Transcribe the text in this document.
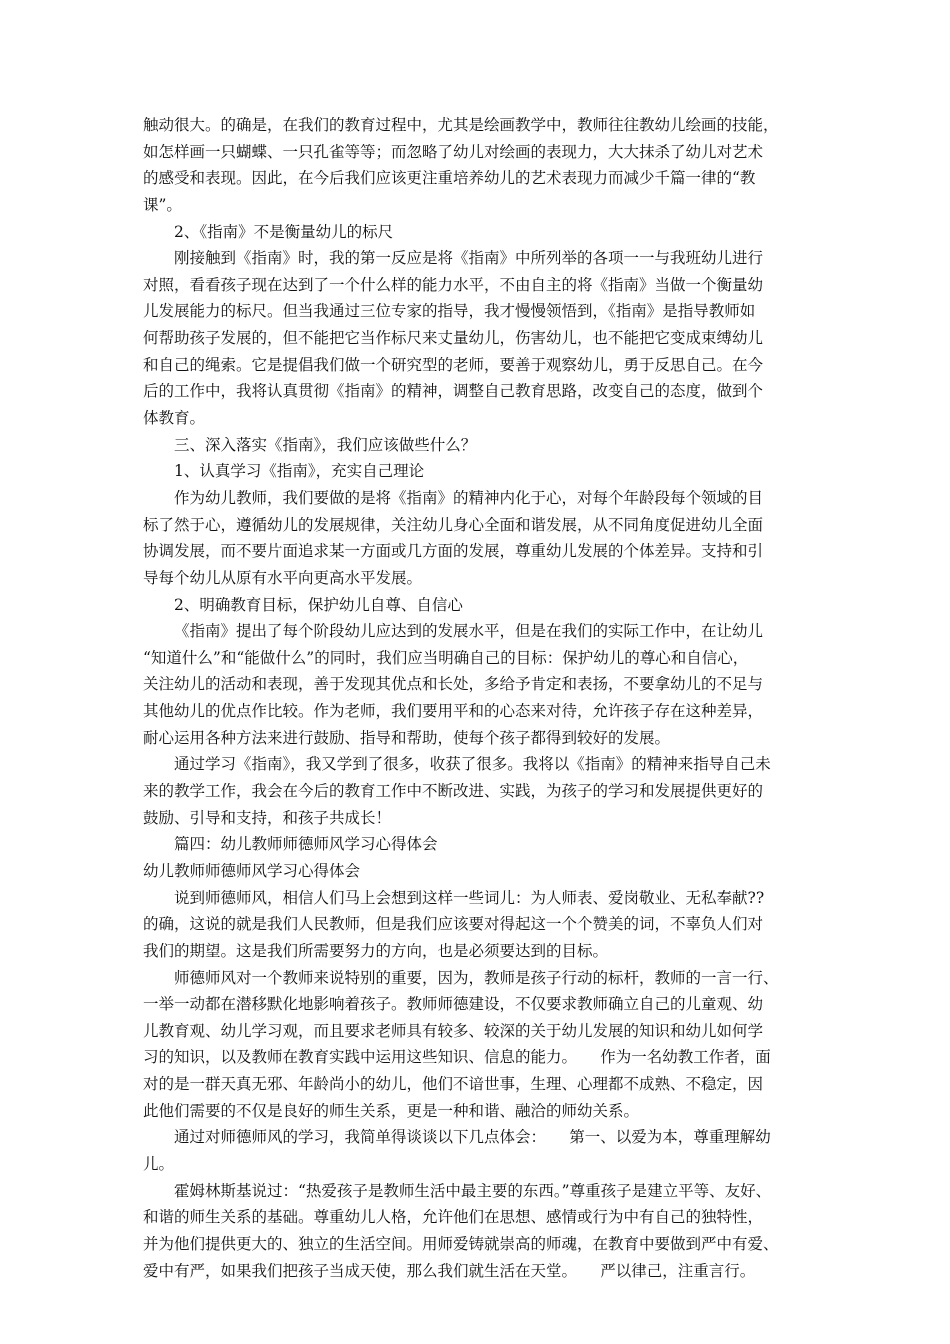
触动很大。的确是，在我们的教育过程中，尤其是绘画教学中，教师往往教幼儿绘画的技能，
如怎样画一只蝴蝶、一只孔雀等等；而忽略了幼儿对绘画的表现力，大大抹杀了幼儿对艺术
的感受和表现。因此，在今后我们应该更注重培养幼儿的艺术表现力而减少千篇一律的“教
课”。
2、《指南》不是衡量幼儿的标尺
刚接触到《指南》时，我的第一反应是将《指南》中所列举的各项一一与我班幼儿进行
对照，看看孩子现在达到了一个什么样的能力水平，不由自主的将《指南》当做一个衡量幼
儿发展能力的标尺。但当我通过三位专家的指导，我才慢慢领悟到，《指南》是指导教师如
何帮助孩子发展的，但不能把它当作标尺来丈量幼儿，伤害幼儿，也不能把它变成束缚幼儿
和自己的绳索。它是提倡我们做一个研究型的老师，要善于观察幼儿，勇于反思自己。在今
后的工作中，我将认真贯彻《指南》的精神，调整自己教育思路，改变自己的态度，做到个
体教育。
三、深入落实《指南》，我们应该做些什么？
1、认真学习《指南》，充实自己理论
作为幼儿教师，我们要做的是将《指南》的精神内化于心，对每个年龄段每个领域的目
标了然于心，遵循幼儿的发展规律，关注幼儿身心全面和谐发展，从不同角度促进幼儿全面
协调发展，而不要片面追求某一方面或几方面的发展，尊重幼儿发展的个体差异。支持和引
导每个幼儿从原有水平向更高水平发展。
2、明确教育目标，保护幼儿自尊、自信心
《指南》提出了每个阶段幼儿应达到的发展水平，但是在我们的实际工作中，在让幼儿
“知道什么”和“能做什么”的同时，我们应当明确自己的目标：保护幼儿的尊心和自信心，
关注幼儿的活动和表现，善于发现其优点和长处，多给予肯定和表扬，不要拿幼儿的不足与
其他幼儿的优点作比较。作为老师，我们要用平和的心态来对待，允许孩子存在这种差异，
耐心运用各种方法来进行鼓励、指导和帮助，使每个孩子都得到较好的发展。
通过学习《指南》，我又学到了很多，收获了很多。我将以《指南》的精神来指导自己未
来的教学工作，我会在今后的教育工作中不断改进、实践，为孩子的学习和发展提供更好的
鼓励、引导和支持，和孩子共成长！
篇四：幼儿教师师德师风学习心得体会
幼儿教师师德师风学习心得体会
说到师德师风，相信人们马上会想到这样一些词儿：为人师表、爱岗敬业、无私奉献??
的确，这说的就是我们人民教师，但是我们应该要对得起这一个个赞美的词，不辜负人们对
我们的期望。这是我们所需要努力的方向，也是必须要达到的目标。
师德师风对一个教师来说特别的重要，因为，教师是孩子行动的标杆，教师的一言一行、
一举一动都在潜移默化地影响着孩子。教师师德建设，不仅要求教师确立自己的儿童观、幼
儿教育观、幼儿学习观，而且要求老师具有较多、较深的关于幼儿发展的知识和幼儿如何学
习的知识，以及教师在教育实践中运用这些知识、信息的能力。　　作为一名幼教工作者，面
对的是一群天真无邪、年龄尚小的幼儿，他们不谙世事，生理、心理都不成熟、不稳定，因
此他们需要的不仅是良好的师生关系，更是一种和谐、融洽的师幼关系。
通过对师德师风的学习，我简单得谈谈以下几点体会：　　第一、以爱为本，尊重理解幼
儿。
霍姆林斯基说过：“热爱孩子是教师生活中最主要的东西。”尊重孩子是建立平等、友好、
和谐的师生关系的基础。尊重幼儿人格，允许他们在思想、感情或行为中有自己的独特性，
并为他们提供更大的、独立的生活空间。用师爱铸就崇高的师魂，在教育中要做到严中有爱、
爱中有严，如果我们把孩子当成天使，那么我们就生活在天堂。　　严以律己，注重言行。
